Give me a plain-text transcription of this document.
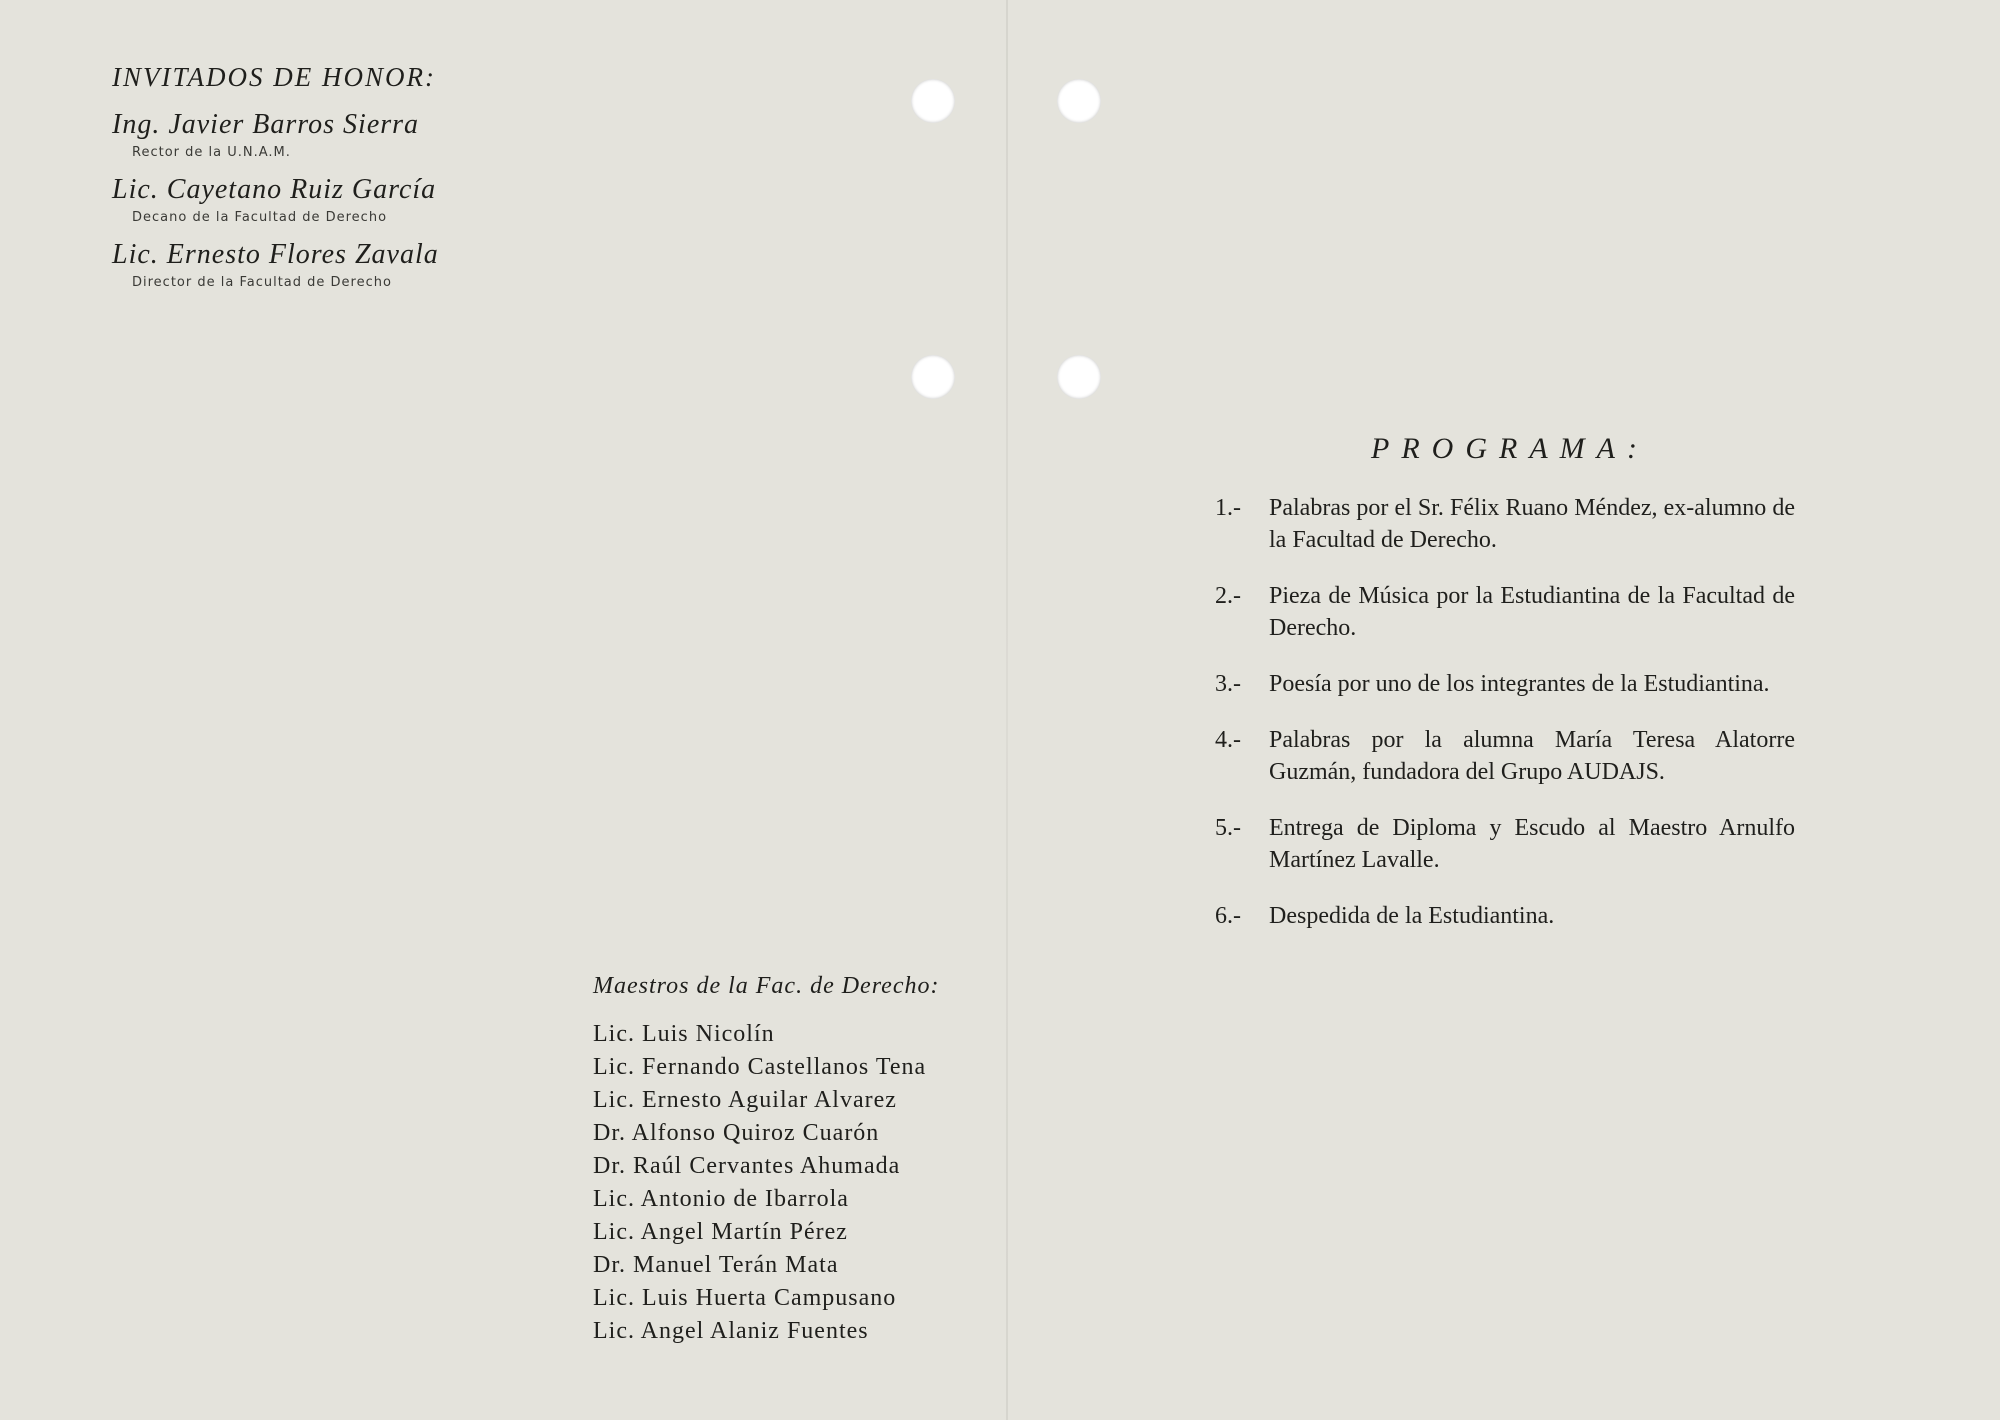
INVITADOS DE HONOR:
Ing. Javier Barros Sierra
Rector de la U.N.A.M.
Lic. Cayetano Ruiz García
Decano de la Facultad de Derecho
Lic. Ernesto Flores Zavala
Director de la Facultad de Derecho
Maestros de la Fac. de Derecho:
Lic. Luis Nicolín
Lic. Fernando Castellanos Tena
Lic. Ernesto Aguilar Alvarez
Dr. Alfonso Quiroz Cuarón
Dr. Raúl Cervantes Ahumada
Lic. Antonio de Ibarrola
Lic. Angel Martín Pérez
Dr. Manuel Terán Mata
Lic. Luis Huerta Campusano
Lic. Angel Alaniz Fuentes
PROGRAMA:
1.- Palabras por el Sr. Félix Ruano Méndez, ex-alumno de la Facultad de Derecho.
2.- Pieza de Música por la Estudiantina de la Facultad de Derecho.
3.- Poesía por uno de los integrantes de la Estudiantina.
4.- Palabras por la alumna María Teresa Alatorre Guzmán, fundadora del Grupo AUDAJS.
5.- Entrega de Diploma y Escudo al Maestro Arnulfo Martínez Lavalle.
6.- Despedida de la Estudiantina.
